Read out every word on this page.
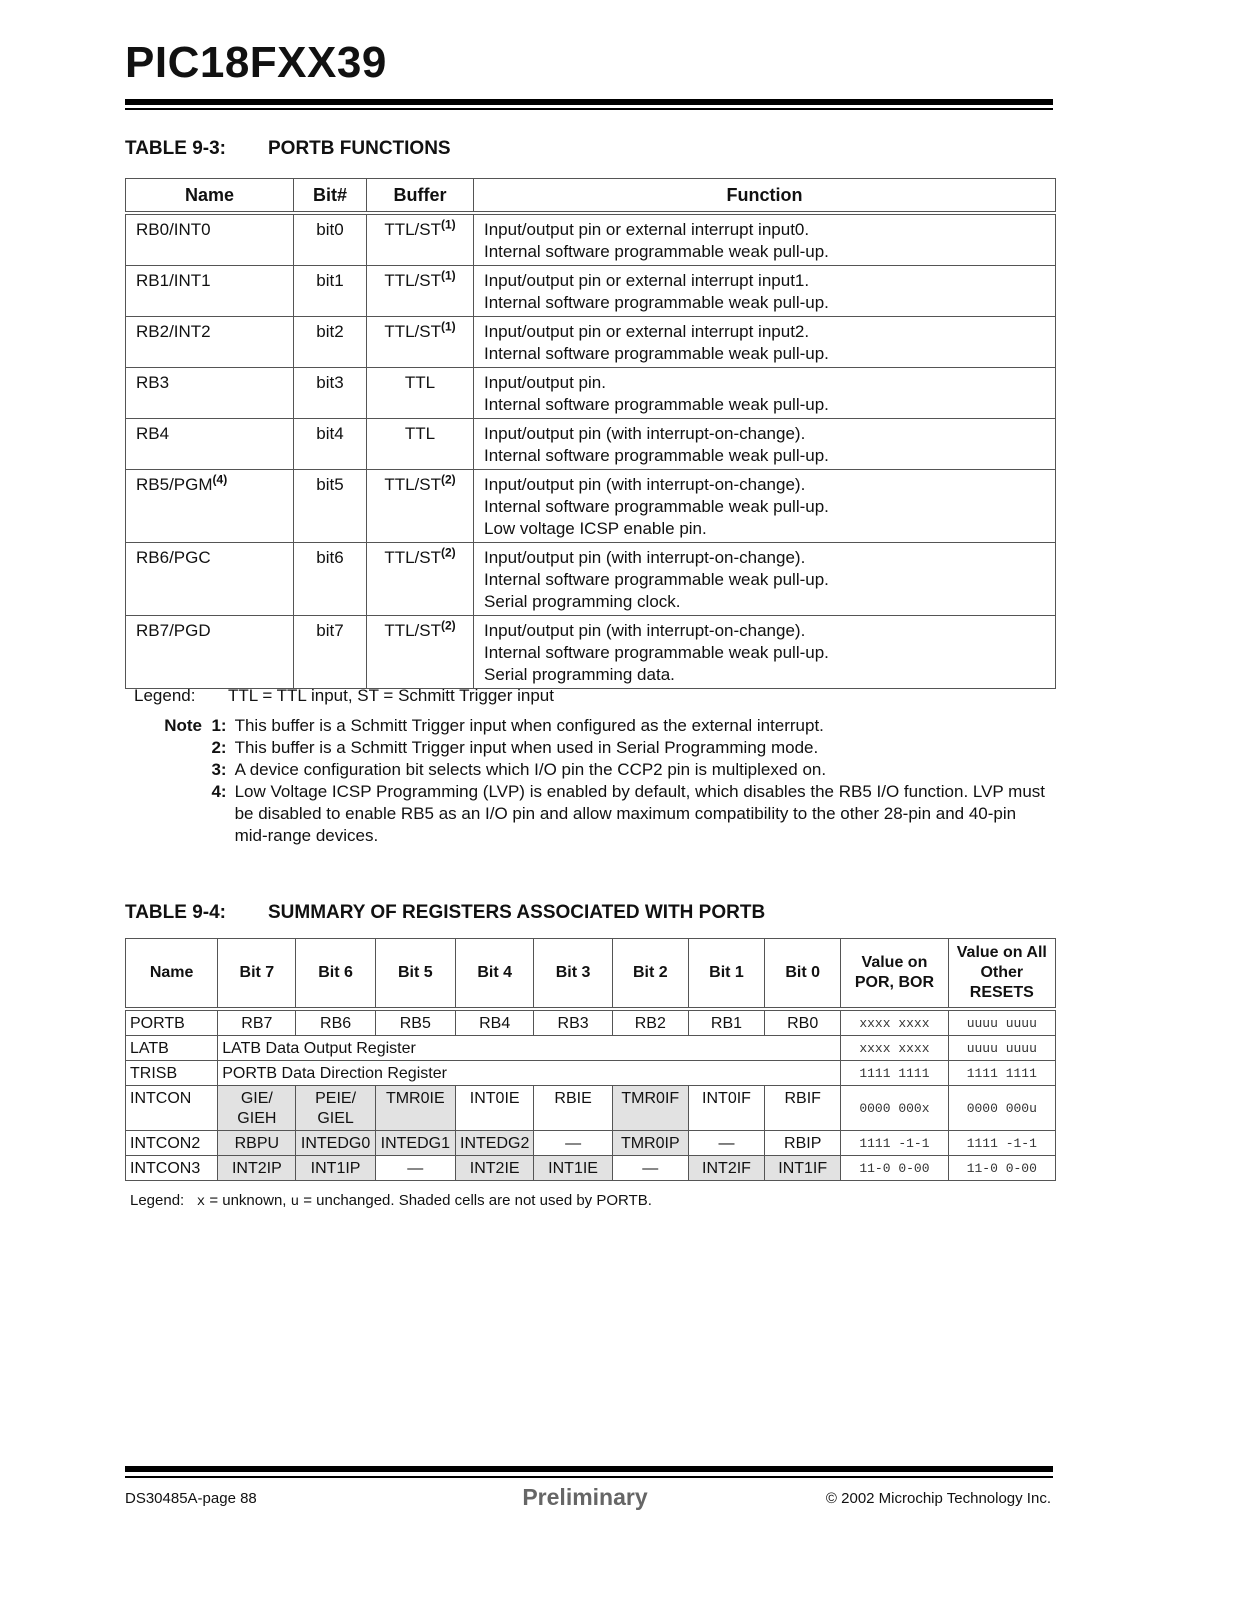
PIC18FXX39
TABLE 9-3: PORTB FUNCTIONS
Name	Bit#	Buffer	Function
RB0/INT0	bit0	TTL/ST$^{(1)}$	Input/output pin or external interrupt input0.
Internal software programmable weak pull-up.

RB1/INT1	bit1	TTL/ST$^{(1)}$	Input/output pin or external interrupt input1.
Internal software programmable weak pull-up.

RB2/INT2	bit2	TTL/ST$^{(1)}$	Input/output pin or external interrupt input2.
Internal software programmable weak pull-up.

RB3	bit3	TTL	Input/output pin.
Internal software programmable weak pull-up.

RB4	bit4	TTL	Input/output pin (with interrupt-on-change).
Internal software programmable weak pull-up.

RB5/PGM$^{(4)}$	bit5	TTL/ST$^{(2)}$	Input/output pin (with interrupt-on-change).
Internal software programmable weak pull-up.
Low voltage ICSP enable pin.

RB6/PGC	bit6	TTL/ST$^{(2)}$	Input/output pin (with interrupt-on-change).
Internal software programmable weak pull-up.
Serial programming clock.

RB7/PGD	bit7	TTL/ST$^{(2)}$	Input/output pin (with interrupt-on-change).
Internal software programmable weak pull-up.
Serial programming data.
Legend: TTL = TTL input, ST = Schmitt Trigger input
Note 1: This buffer is a Schmitt Trigger input when configured as the external interrupt.
2: This buffer is a Schmitt Trigger input when used in Serial Programming mode.
3: A device configuration bit selects which I/O pin the CCP2 pin is multiplexed on.
4: Low Voltage ICSP Programming (LVP) is enabled by default, which disables the RB5 I/O function. LVP must be disabled to enable RB5 as an I/O pin and allow maximum compatibility to the other 28-pin and 40-pin mid-range devices.
TABLE 9-4: SUMMARY OF REGISTERS ASSOCIATED WITH PORTB
Name	Bit 7	Bit 6	Bit 5	Bit 4	Bit 3	Bit 2	Bit 1	Bit 0	Value on POR, BOR	Value on All Other RESETS
PORTB	RB7	RB6	RB5	RB4	RB3	RB2	RB1	RB0	xxxx xxxx	uuuu uuuu
LATB	LATB Data Output Register								xxxx xxxx	uuuu uuuu
TRISB	PORTB Data Direction Register								1111 1111	1111 1111
INTCON	GIE/ GIEH	PEIE/ GIEL	TMR0IE	INT0IE	RBIE	TMR0IF	INT0IF	RBIF	0000 000x	0000 000u
INTCON2	RBPU	INTEDG0	INTEDG1	INTEDG2	—	TMR0IP	—	RBIP	1111 -1-1	1111 -1-1
INTCON3	INT2IP	INT1IP	—	INT2IE	INT1IE	—	INT2IF	INT1IF	11-0 0-00	11-0 0-00
Legend: x = unknown, u = unchanged. Shaded cells are not used by PORTB.
DS30485A-page 88	Preliminary	© 2002 Microchip Technology Inc.
